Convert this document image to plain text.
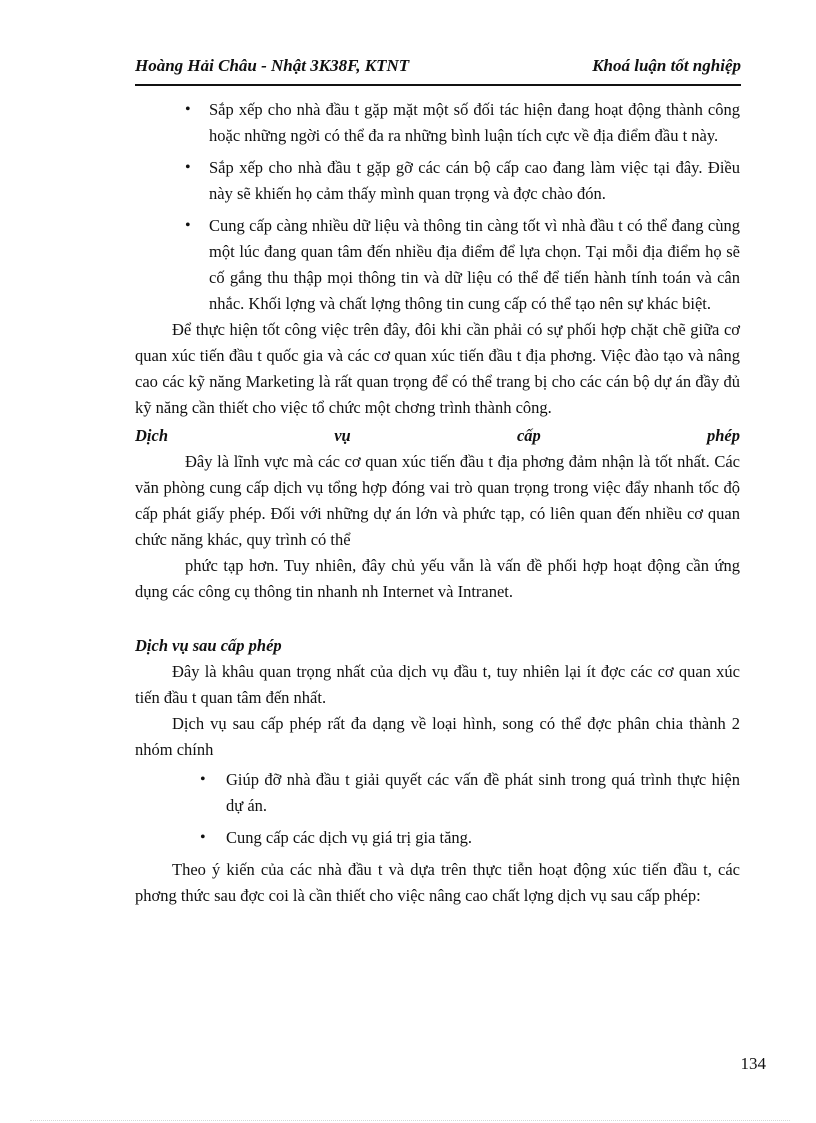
Hoàng Hải Châu - Nhật 3K38F, KTNT	Khoá luận tốt nghiệp
• Sắp xếp cho nhà đầu t gặp mặt một số đối tác hiện đang hoạt động thành công hoặc những ngời có thể đa ra những bình luận tích cực về địa điểm đầu t này.
• Sắp xếp cho nhà đầu t gặp gỡ các cán bộ cấp cao đang làm việc tại đây. Điều này sẽ khiến họ cảm thấy mình quan trọng và đợc chào đón.
• Cung cấp càng nhiều dữ liệu và thông tin càng tốt vì nhà đầu t có thể đang cùng một lúc đang quan tâm đến nhiều địa điểm để lựa chọn. Tại mỗi địa điểm họ sẽ cố gắng thu thập mọi thông tin và dữ liệu có thể để tiến hành tính toán và cân nhắc. Khối lợng và chất lợng thông tin cung cấp có thể tạo nên sự khác biệt.

Để thực hiện tốt công việc trên đây, đôi khi cần phải có sự phối hợp chặt chẽ giữa cơ quan xúc tiến đầu t quốc gia và các cơ quan xúc tiến đầu t địa phơng. Việc đào tạo và nâng cao các kỹ năng Marketing là rất quan trọng để có thể trang bị cho các cán bộ dự án đầy đủ kỹ năng cần thiết cho việc tổ chức một chơng trình thành công.

Dịch vụ cấp phép

Đây là lĩnh vực mà các cơ quan xúc tiến đầu t địa phơng đảm nhận là tốt nhất. Các văn phòng cung cấp dịch vụ tổng hợp đóng vai trò quan trọng trong việc đẩy nhanh tốc độ cấp phát giấy phép. Đối với những dự án lớn và phức tạp, có liên quan đến nhiều cơ quan chức năng khác, quy trình có thể

phức tạp hơn. Tuy nhiên, đây chủ yếu vẫn là vấn đề phối hợp hoạt động cần ứng dụng các công cụ thông tin nhanh nh Internet và Intranet.

Dịch vụ sau cấp phép

Đây là khâu quan trọng nhất của dịch vụ đầu t, tuy nhiên lại ít đợc các cơ quan xúc tiến đầu t quan tâm đến nhất.

Dịch vụ sau cấp phép rất đa dạng về loại hình, song có thể đợc phân chia thành 2 nhóm chính

• Giúp đỡ nhà đầu t giải quyết các vấn đề phát sinh trong quá trình thực hiện dự án.
• Cung cấp các dịch vụ giá trị gia tăng.

Theo ý kiến của các nhà đầu t và dựa trên thực tiễn hoạt động xúc tiến đầu t, các phơng thức sau đợc coi là cần thiết cho việc nâng cao chất lợng dịch vụ sau cấp phép:

134
